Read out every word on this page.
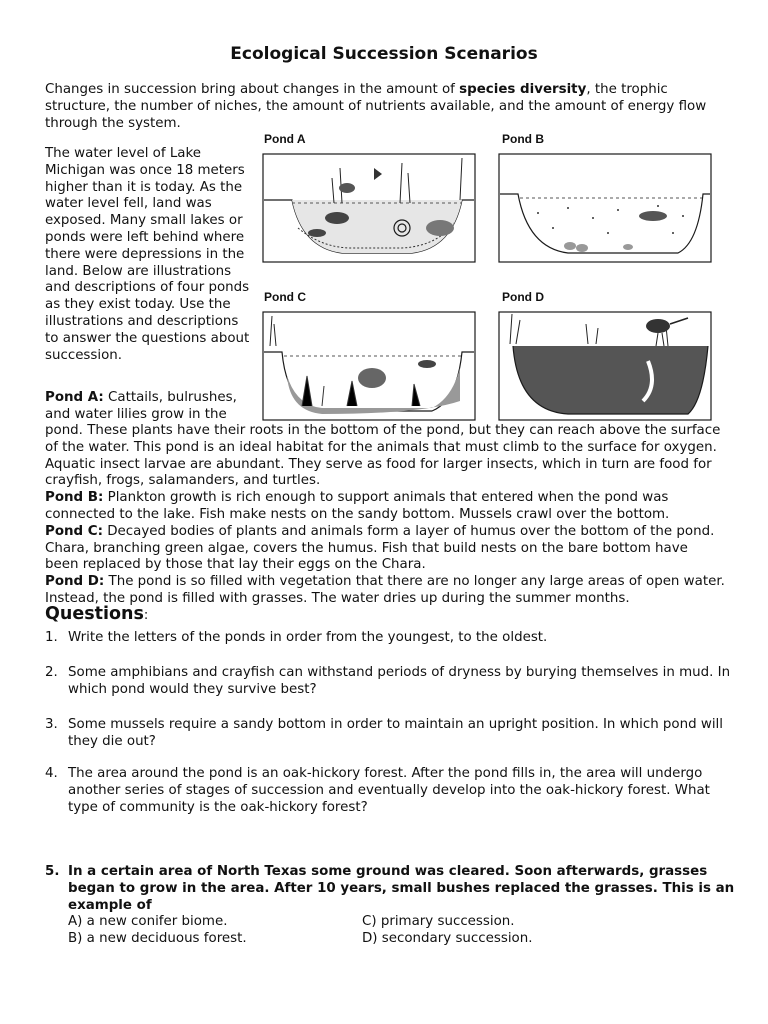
Ecological Succession Scenarios
Changes in succession bring about changes in the amount of species diversity, the trophic structure, the number of niches, the amount of nutrients available, and the amount of energy flow through the system.
The water level of Lake Michigan was once 18 meters higher than it is today. As the water level fell, land was exposed. Many small lakes or ponds were left behind where there were depressions in the land. Below are illustrations and descriptions of four ponds as they exist today. Use the illustrations and descriptions to answer the questions about succession.
Pond A: Cattails, bulrushes, and water lilies grow in the

pond. These plants have their roots in the bottom of the pond, but they can reach above the surface of the water. This pond is an ideal habitat for the animals that must climb to the surface for oxygen. Aquatic insect larvae are abundant. They serve as food for larger insects, which in turn are food for crayfish, frogs, salamanders, and turtles.

Pond B: Plankton growth is rich enough to support animals that entered when the pond was connected to the lake. Fish make nests on the sandy bottom. Mussels crawl over the bottom.

Pond C: Decayed bodies of plants and animals form a layer of humus over the bottom of the pond. Chara, branching green algae, covers the humus. Fish that build nests on the bare bottom have been replaced by those that lay their eggs on the Chara.

Pond D: The pond is so filled with vegetation that there are no longer any large areas of open water. Instead, the pond is filled with grasses. The water dries up during the summer months.

Pond A	Pond B
Pond C	Pond D
Questions:
1. Write the letters of the ponds in order from the youngest, to the oldest.
2. Some amphibians and crayfish can withstand periods of dryness by burying themselves in mud. In which pond would they survive best?
3. Some mussels require a sandy bottom in order to maintain an upright position. In which pond will they die out?
4. The area around the pond is an oak-hickory forest. After the pond fills in, the area will undergo another series of stages of succession and eventually develop into the oak-hickory forest. What type of community is the oak-hickory forest?
5. In a certain area of North Texas some ground was cleared. Soon afterwards, grasses began to grow in the area. After 10 years, small bushes replaced the grasses. This is an example of
A) a new conifer biome.
B) a new deciduous forest.
C) primary succession.
D) secondary succession.
